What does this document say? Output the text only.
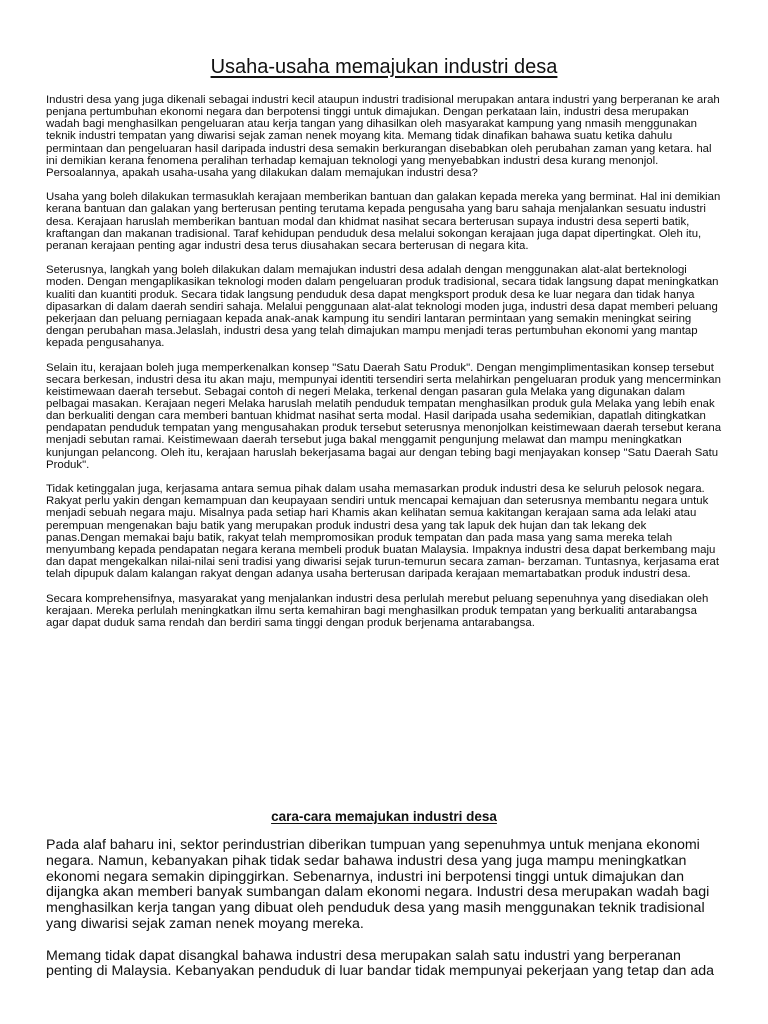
Usaha-usaha memajukan industri desa

Industri desa yang juga dikenali sebagai industri kecil ataupun industri tradisional merupakan antara industri yang berperanan ke arah penjana pertumbuhan ekonomi negara dan berpotensi tinggi untuk dimajukan. Dengan perkataan lain, industri desa merupakan wadah bagi menghasilkan pengeluaran atau kerja tangan yang dihasilkan oleh masyarakat kampung yang nmasih menggunakan teknik industri tempatan yang diwarisi sejak zaman nenek moyang kita. Memang tidak dinafikan bahawa suatu ketika dahulu permintaan dan pengeluaran hasil daripada industri desa semakin berkurangan disebabkan oleh perubahan zaman yang ketara. hal ini demikian kerana fenomena peralihan terhadap kemajuan teknologi yang menyebabkan industri desa kurang menonjol. Persoalannya, apakah usaha-usaha yang dilakukan dalam memajukan industri desa?

Usaha yang boleh dilakukan termasuklah kerajaan memberikan bantuan dan galakan kepada mereka yang berminat. Hal ini demikian kerana bantuan dan galakan yang berterusan penting terutama kepada pengusaha yang baru sahaja menjalankan sesuatu industri desa. Kerajaan haruslah memberikan bantuan modal dan khidmat nasihat secara berterusan supaya industri desa seperti batik, kraftangan dan makanan tradisional. Taraf kehidupan penduduk desa melalui sokongan kerajaan juga dapat dipertingkat. Oleh itu, peranan kerajaan penting agar industri desa terus diusahakan secara berterusan di negara kita.

Seterusnya, langkah yang boleh dilakukan dalam memajukan industri desa adalah dengan menggunakan alat-alat berteknologi moden. Dengan mengaplikasikan teknologi moden dalam pengeluaran produk tradisional, secara tidak langsung dapat meningkatkan kualiti dan kuantiti produk. Secara tidak langsung penduduk desa dapat mengksport produk desa ke luar negara dan tidak hanya dipasarkan di dalam daerah sendiri sahaja. Melalui penggunaan alat-alat teknologi moden juga, industri desa dapat memberi peluang pekerjaan dan peluang perniagaan kepada anak-anak kampung itu sendiri lantaran permintaan yang semakin meningkat seiring dengan perubahan masa.Jelaslah, industri desa yang telah dimajukan mampu menjadi teras pertumbuhan ekonomi yang mantap kepada pengusahanya.

Selain itu, kerajaan boleh juga memperkenalkan konsep "Satu Daerah Satu Produk". Dengan mengimplimentasikan konsep tersebut secara berkesan, industri desa itu akan maju, mempunyai identiti tersendiri serta melahirkan pengeluaran produk yang mencerminkan keistimewaan daerah tersebut. Sebagai contoh di negeri Melaka, terkenal dengan pasaran gula Melaka yang digunakan dalam pelbagai masakan. Kerajaan negeri Melaka haruslah melatih penduduk tempatan menghasilkan produk gula Melaka yang lebih enak dan berkualiti dengan cara memberi bantuan khidmat nasihat serta modal. Hasil daripada usaha sedemikian, dapatlah ditingkatkan pendapatan penduduk tempatan yang mengusahakan produk tersebut seterusnya menonjolkan keistimewaan daerah tersebut kerana menjadi sebutan ramai. Keistimewaan daerah tersebut juga bakal menggamit pengunjung melawat dan mampu meningkatkan kunjungan pelancong. Oleh itu, kerajaan haruslah bekerjasama bagai aur dengan tebing bagi menjayakan konsep "Satu Daerah Satu Produk".

Tidak ketinggalan juga, kerjasama antara semua pihak dalam usaha memasarkan produk industri desa ke seluruh pelosok negara. Rakyat perlu yakin dengan kemampuan dan keupayaan sendiri untuk mencapai kemajuan dan seterusnya membantu negara untuk menjadi sebuah negara maju. Misalnya pada setiap hari Khamis akan kelihatan semua kakitangan kerajaan sama ada lelaki atau perempuan mengenakan baju batik yang merupakan produk industri desa yang tak lapuk dek hujan dan tak lekang dek panas.Dengan memakai baju batik, rakyat telah mempromosikan produk tempatan dan pada masa yang sama mereka telah menyumbang kepada pendapatan negara kerana membeli produk buatan Malaysia. Impaknya industri desa dapat berkembang maju dan dapat mengekalkan nilai-nilai seni tradisi yang diwarisi sejak turun-temurun secara zaman- berzaman. Tuntasnya, kerjasama erat telah dipupuk dalam kalangan rakyat dengan adanya usaha berterusan daripada kerajaan memartabatkan produk industri desa.

Secara komprehensifnya, masyarakat yang menjalankan industri desa perlulah merebut peluang sepenuhnya yang disediakan oleh kerajaan. Mereka perlulah meningkatkan ilmu serta kemahiran bagi menghasilkan produk tempatan yang berkualiti antarabangsa agar dapat duduk sama rendah dan berdiri sama tinggi dengan produk berjenama antarabangsa.

cara-cara memajukan industri desa

Pada alaf baharu ini, sektor perindustrian diberikan tumpuan yang sepenuhmya untuk menjana ekonomi negara. Namun, kebanyakan pihak tidak sedar bahawa industri desa yang juga mampu meningkatkan ekonomi negara semakin dipinggirkan. Sebenarnya, industri ini berpotensi tinggi untuk dimajukan dan dijangka akan memberi banyak sumbangan dalam ekonomi negara. Industri desa merupakan wadah bagi menghasilkan kerja tangan yang dibuat oleh penduduk desa yang masih menggunakan teknik tradisional yang diwarisi sejak zaman nenek moyang mereka.

Memang tidak dapat disangkal bahawa industri desa merupakan salah satu industri yang berperanan penting di Malaysia. Kebanyakan penduduk di luar bandar tidak mempunyai pekerjaan yang tetap dan ada
